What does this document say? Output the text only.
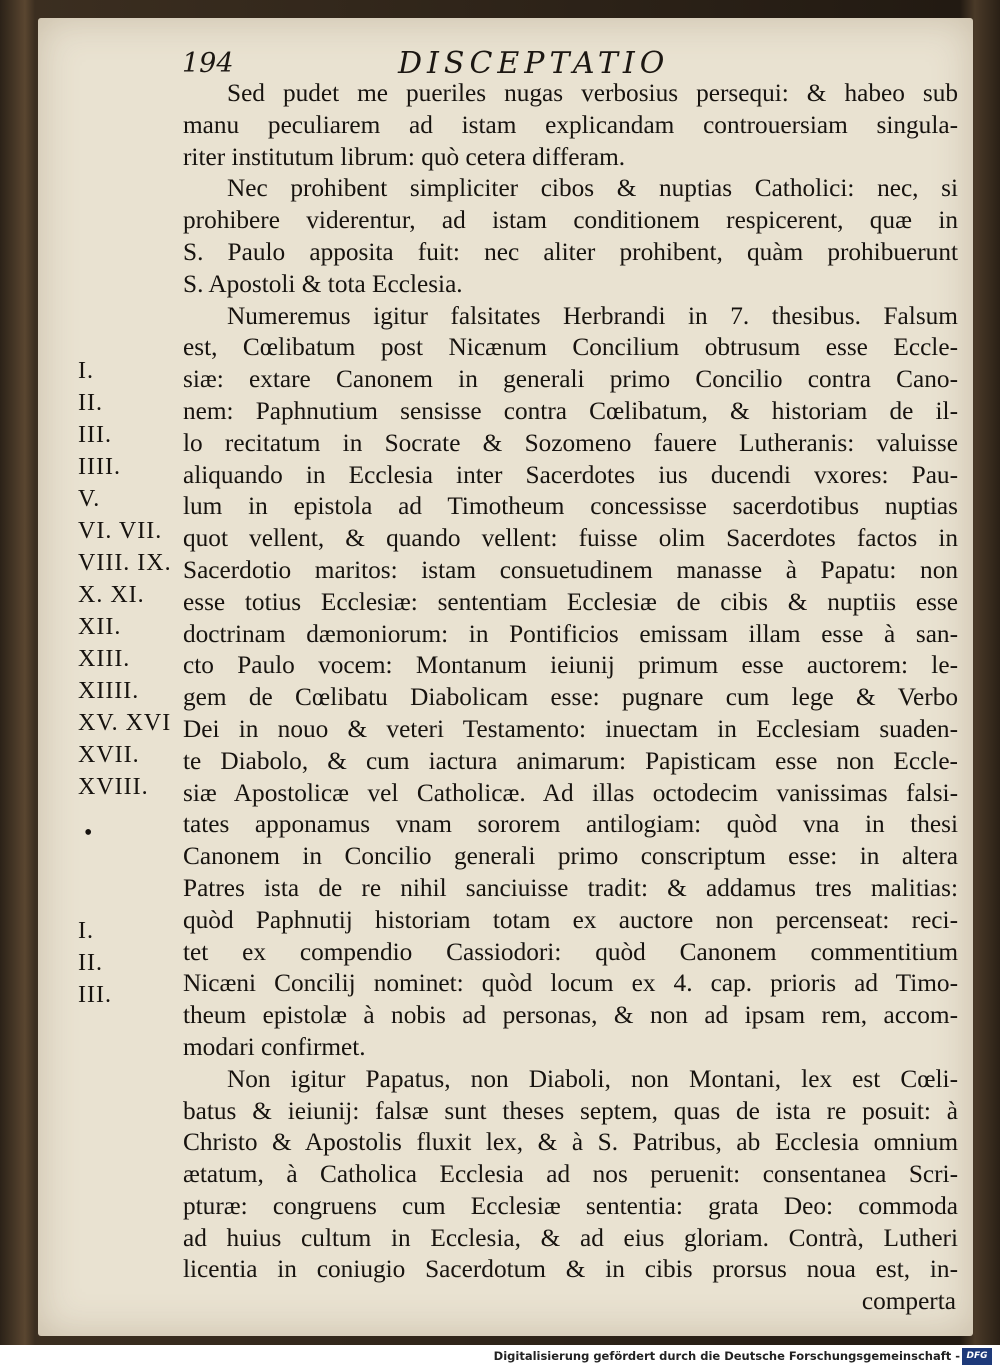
194	DISCEPTATIO
Sed pudet me pueriles nugas verbosius persequi: & habeo sub
manu peculiarem ad istam explicandam controuersiam singula-
riter institutum librum: quò cetera differam.
Nec prohibent simpliciter cibos & nuptias Catholici: nec, si
prohibere viderentur, ad istam conditionem respicerent, quæ in
S. Paulo apposita fuit: nec aliter prohibent, quàm prohibuerunt
S. Apostoli & tota Ecclesia.
Numeremus igitur falsitates Herbrandi in 7. thesibus. Falsum
est, Cœlibatum post Nicænum Concilium obtrusum esse Eccle-
siæ: extare Canonem in generali primo Concilio contra Cano-
nem: Paphnutium sensisse contra Cœlibatum, & historiam de il-
lo recitatum in Socrate & Sozomeno fauere Lutheranis: valuisse
aliquando in Ecclesia inter Sacerdotes ius ducendi vxores: Pau-
lum in epistola ad Timotheum concessisse sacerdotibus nuptias
quot vellent, & quando vellent: fuisse olim Sacerdotes factos in
Sacerdotio maritos: istam consuetudinem manasse à Papatu: non
esse totius Ecclesiæ: sententiam Ecclesiæ de cibis & nuptiis esse
doctrinam dæmoniorum: in Pontificios emissam illam esse à san-
cto Paulo vocem: Montanum ieiunij primum esse auctorem: le-
gem de Cœlibatu Diabolicam esse: pugnare cum lege & Verbo
Dei in nouo & veteri Testamento: inuectam in Ecclesiam suaden-
te Diabolo, & cum iactura animarum: Papisticam esse non Eccle-
siæ Apostolicæ vel Catholicæ. Ad illas octodecim vanissimas falsi-
tates apponamus vnam sororem antilogiam: quòd vna in thesi
Canonem in Concilio generali primo conscriptum esse: in altera
Patres ista de re nihil sanciuisse tradit: & addamus tres malitias:
quòd Paphnutij historiam totam ex auctore non percenseat: reci-
tet ex compendio Cassiodori: quòd Canonem commentitium
Nicæni Concilij nominet: quòd locum ex 4. cap. prioris ad Timo-
theum epistolæ à nobis ad personas, & non ad ipsam rem, accom-
modari confirmet.
Non igitur Papatus, non Diaboli, non Montani, lex est Cœli-
batus & ieiunij: falsæ sunt theses septem, quas de ista re posuit: à
Christo & Apostolis fluxit lex, & à S. Patribus, ab Ecclesia omnium
ætatum, à Catholica Ecclesia ad nos peruenit: consentanea Scri-
pturæ: congruens cum Ecclesiæ sententia: grata Deo: commoda
ad huius cultum in Ecclesia, & ad eius gloriam. Contrà, Lutheri
licentia in coniugio Sacerdotum & in cibis prorsus noua est, in-
comperta
I.
II.
III.
IIII.
V.
VI. VII.
VIII. IX.
X. XI.
XII.
XIII.
XIIII.
XV. XVI
XVII.
XVIII.
•
I.
II.
III.
Digitalisierung gefördert durch die Deutsche Forschungsgemeinschaft - DFG
